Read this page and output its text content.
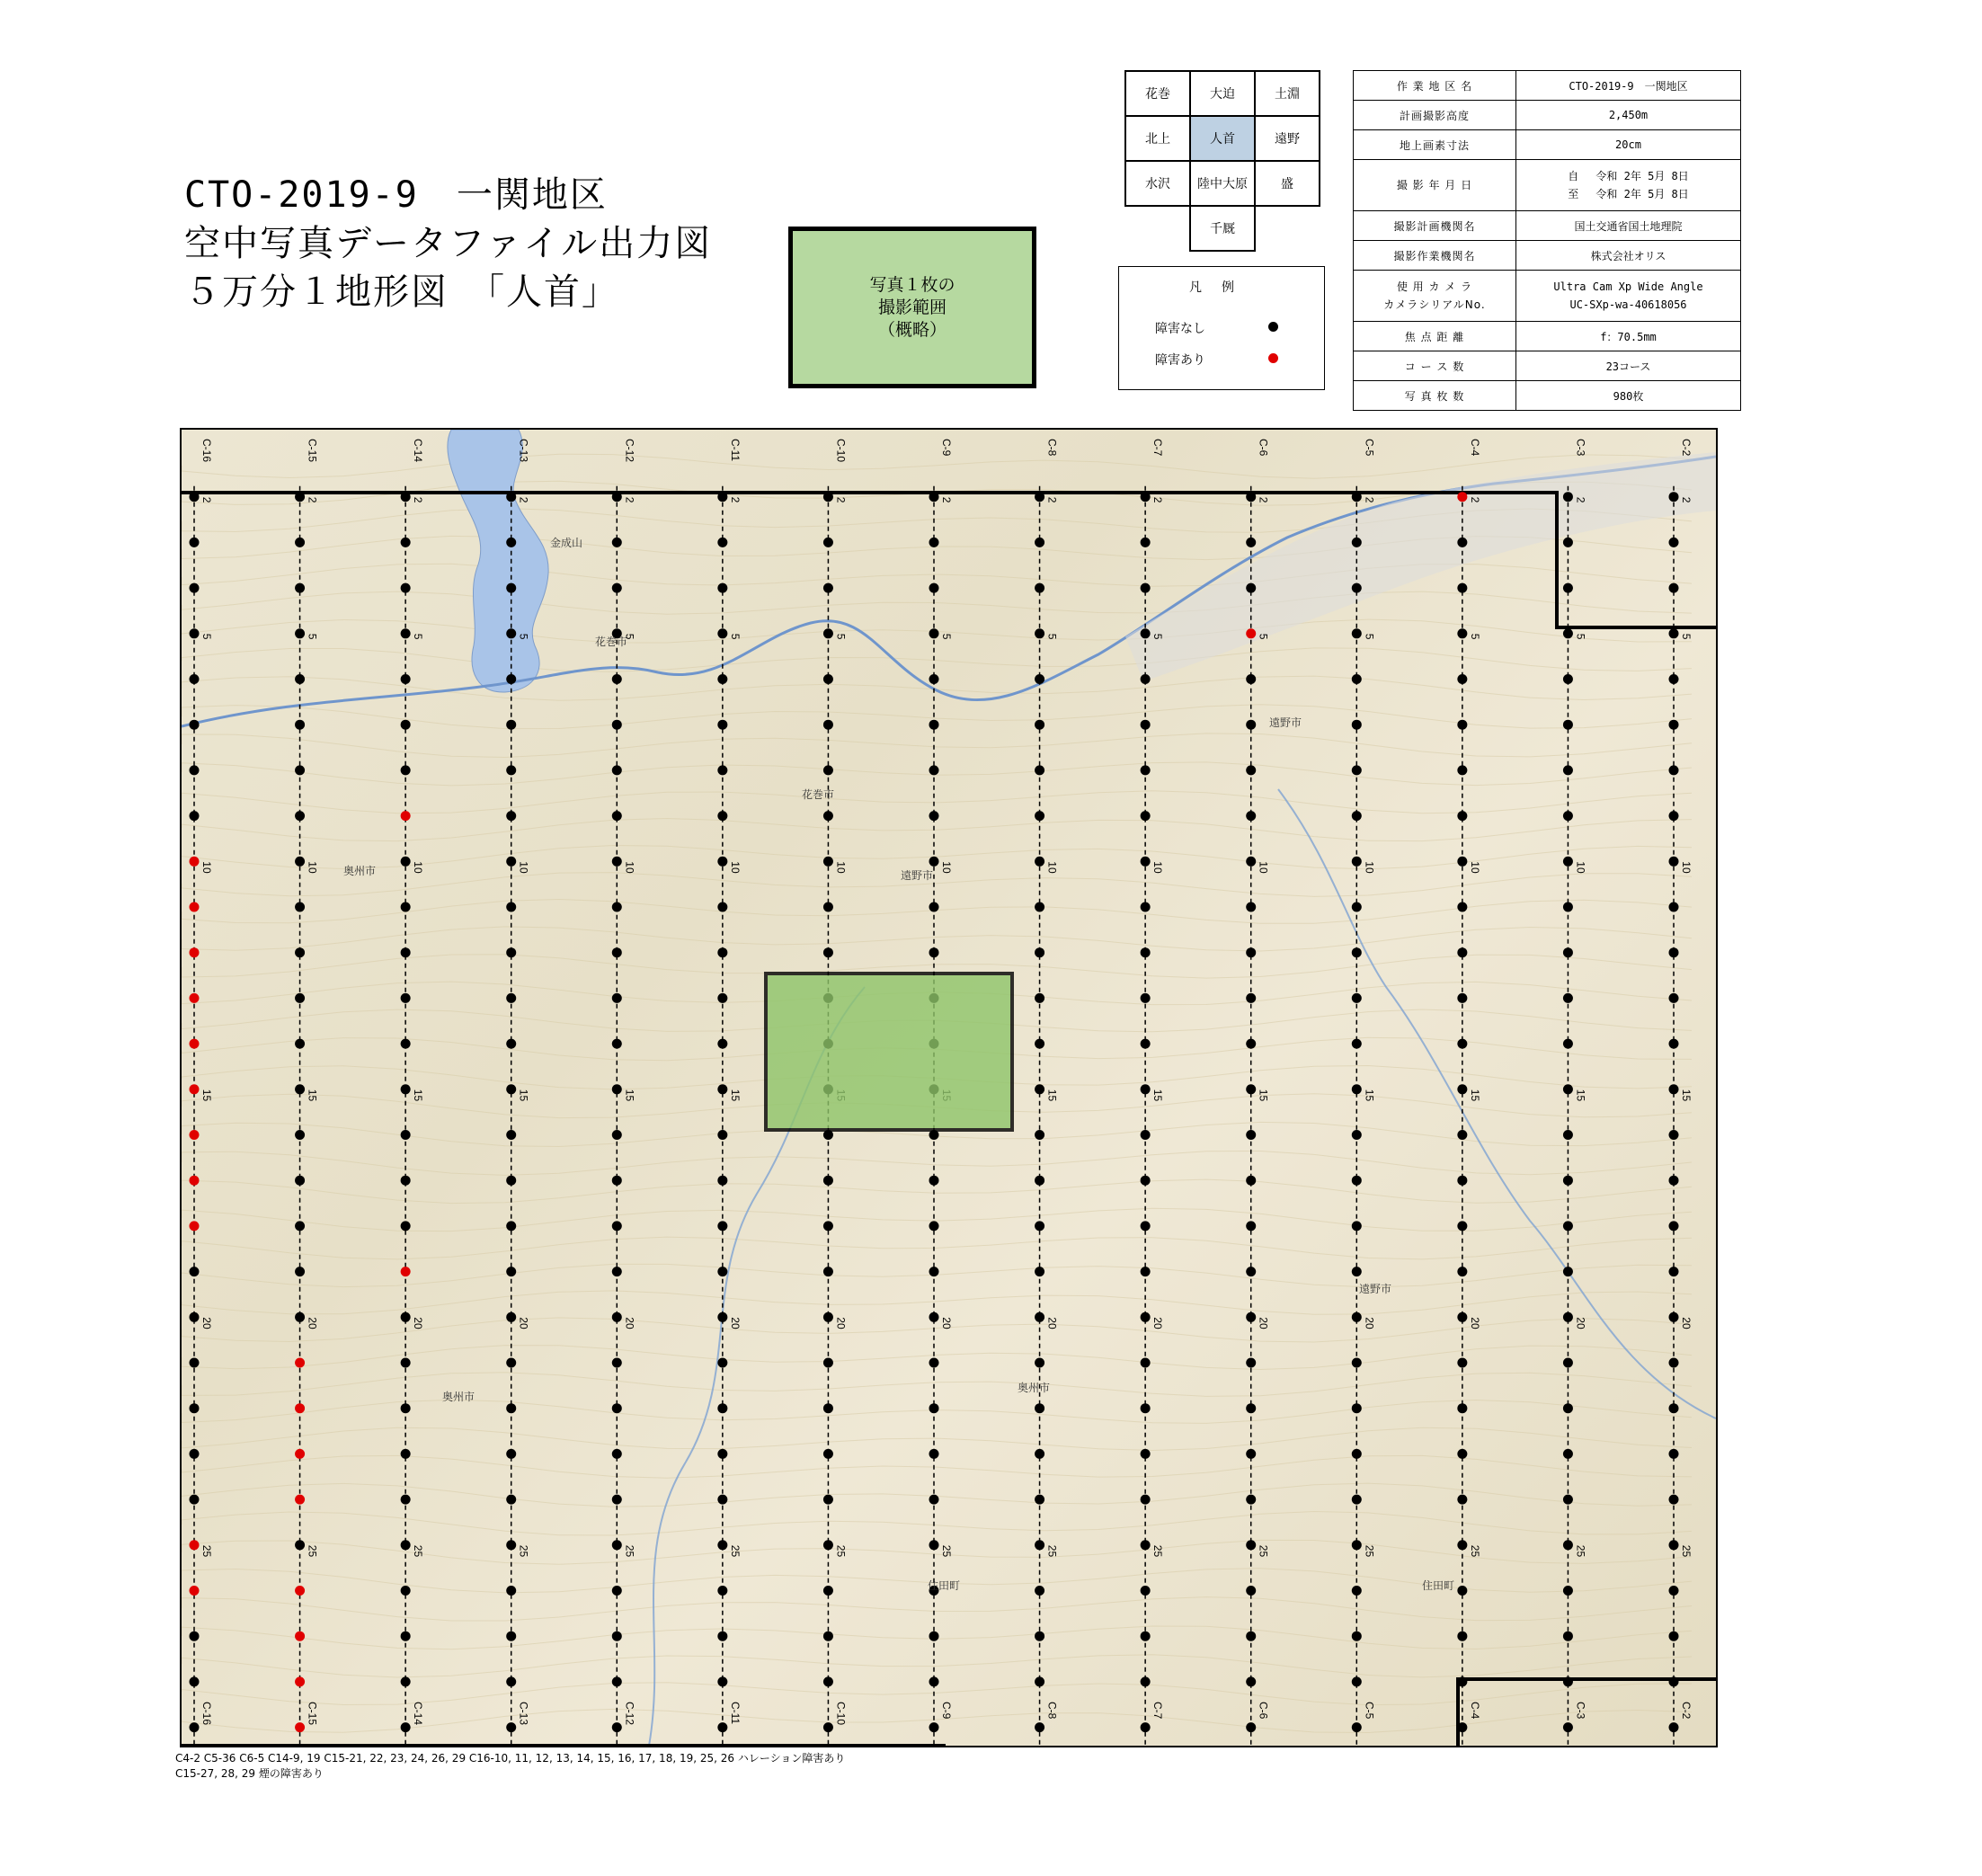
CTO-2019-9　一関地区
空中写真データファイル出力図
５万分１地形図　「人首」	写真１枚の
撮影範囲
（概略）
花巻	大迫	土淵
北上	人首	遠野
水沢	陸中大原	盛
千厩
凡例
障害なし
障害あり
作 業 地 区 名	CTO-2019-9　一関地区
計画撮影高度	2,450m
地上画素寸法	20cm
撮 影 年 月 日	自　 令和 2年 5月 8日
至　 令和 2年 5月 8日
撮影計画機関名	国土交通省国土地理院
撮影作業機関名	株式会社オリス
使 用 カ メ ラ
カメラシリアルNo.	Ultra Cam Xp Wide Angle
UC-SXp-wa-40618056
焦 点 距 離	f：70.5mm
コ ー ス 数	23コース
写 真 枚 数	980枚
2
5
10
15
20
25
C-16
C-16
2
5
10
15
20
25
C-15
C-15
2
5
10
15
20
25
C-14
C-14
2
5
10
15
20
25
C-13
C-13
2
5
10
15
20
25
C-12
C-12
2
5
10
15
20
25
C-11
C-11
2
5
10
20
25
C-10
C-10
2
5
10
20
25
C-9
C-9
2
5
10
15
20
25
C-8
C-8
2
5
10
15
20
25
C-7
C-7
2
5
10
15
20
25
C-6
C-6
2
5
10
15
20
25
C-5
C-5
2
5
10
15
20
25
C-4
C-4
2
5
10
15
20
25
C-3
C-3
2
5
10
15
20
25
C-2
C-2
金成山
花巻市
遠野市
花巻市
奥州市	遠野市
奥州市
奥州市
住田町
遠野市
住田町
C4-2 C5-36 C6-5 C14-9, 19 C15-21, 22, 23, 24, 26, 29 C16-10, 11, 12, 13, 14, 15, 16, 17, 18, 19, 25, 26 ハレーション障害あり
C15-27, 28, 29 煙の障害あり
